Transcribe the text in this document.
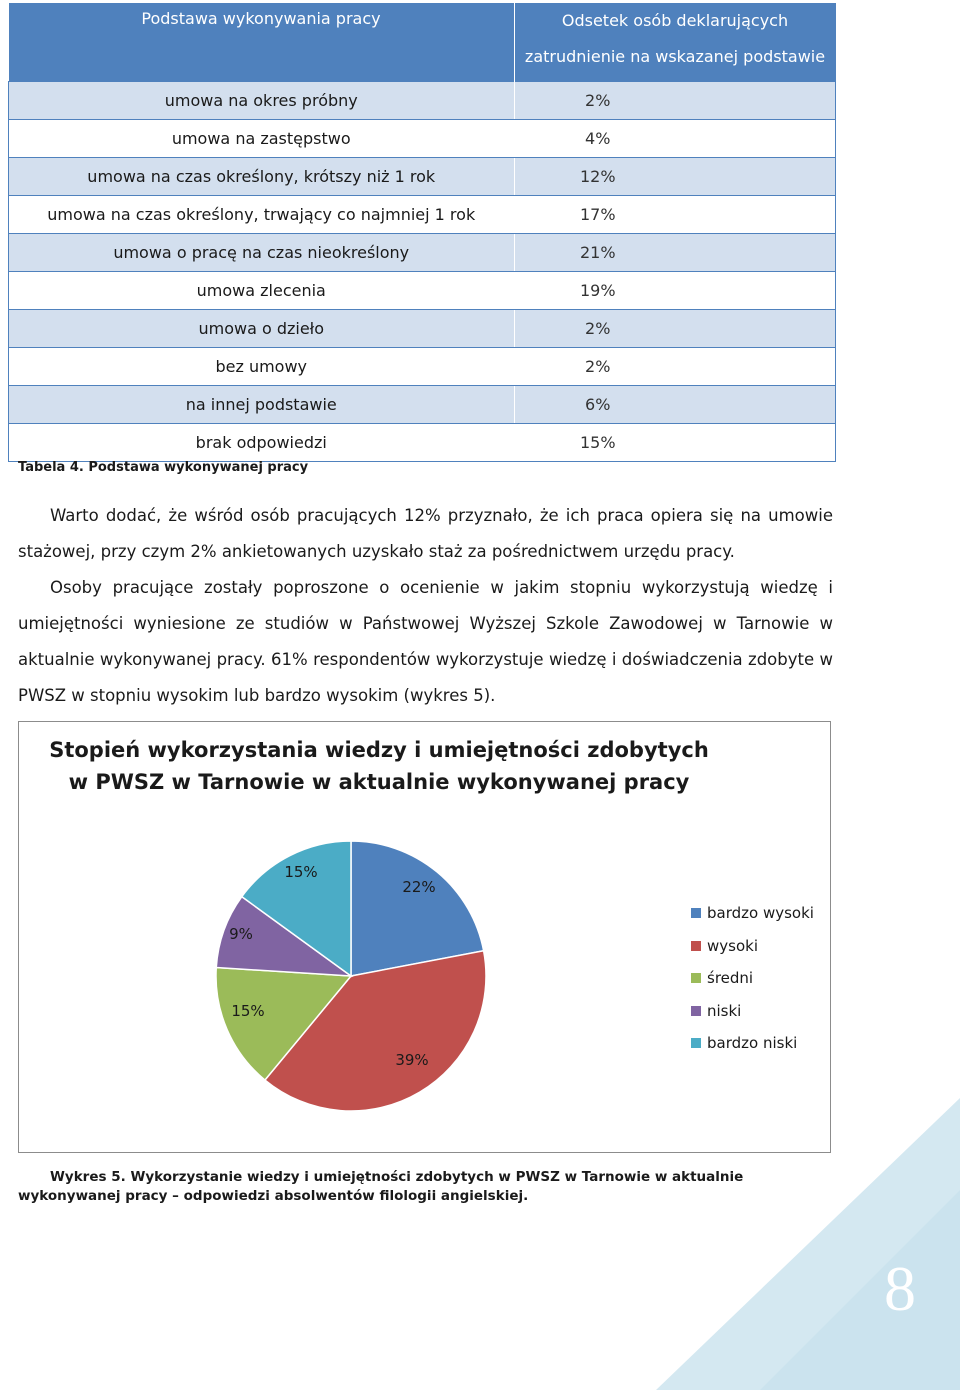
8
Podstawa wykonywania pracy	Odsetek osób deklarujących zatrudnienie na wskazanej podstawie
umowa na okres próbny	2%
umowa na zastępstwo	4%
umowa na czas określony, krótszy niż 1 rok	12%
umowa na czas określony, trwający co najmniej 1 rok	17%
umowa o pracę na czas nieokreślony	21%
umowa zlecenia	19%
umowa o dzieło	2%
bez umowy	2%
na innej podstawie	6%
brak odpowiedzi	15%
Tabela 4. Podstawa wykonywanej pracy

Warto dodać, że wśród osób pracujących 12% przyznało, że ich praca opiera się na umowie stażowej, przy czym 2% ankietowanych uzyskało staż za pośrednictwem urzędu pracy.

Osoby pracujące zostały poproszone o ocenienie w jakim stopniu wykorzystują wiedzę i umiejętności wyniesione ze studiów w Państwowej Wyższej Szkole Zawodowej w Tarnowie w aktualnie wykonywanej pracy. 61% respondentów wykorzystuje wiedzę i doświadczenia zdobyte w PWSZ w stopniu wysokim lub bardzo wysokim (wykres 5).

Stopień wykorzystania wiedzy i umiejętności zdobytych
w PWSZ w Tarnowie w aktualnie wykonywanej pracy
22%
39%
15%
9%
15%
bardzo wysoki
wysoki
średni
niski
bardzo niski
Wykres 5. Wykorzystanie wiedzy i umiejętności zdobytych w PWSZ w Tarnowie w aktualnie wykonywanej pracy – odpowiedzi absolwentów filologii angielskiej.
